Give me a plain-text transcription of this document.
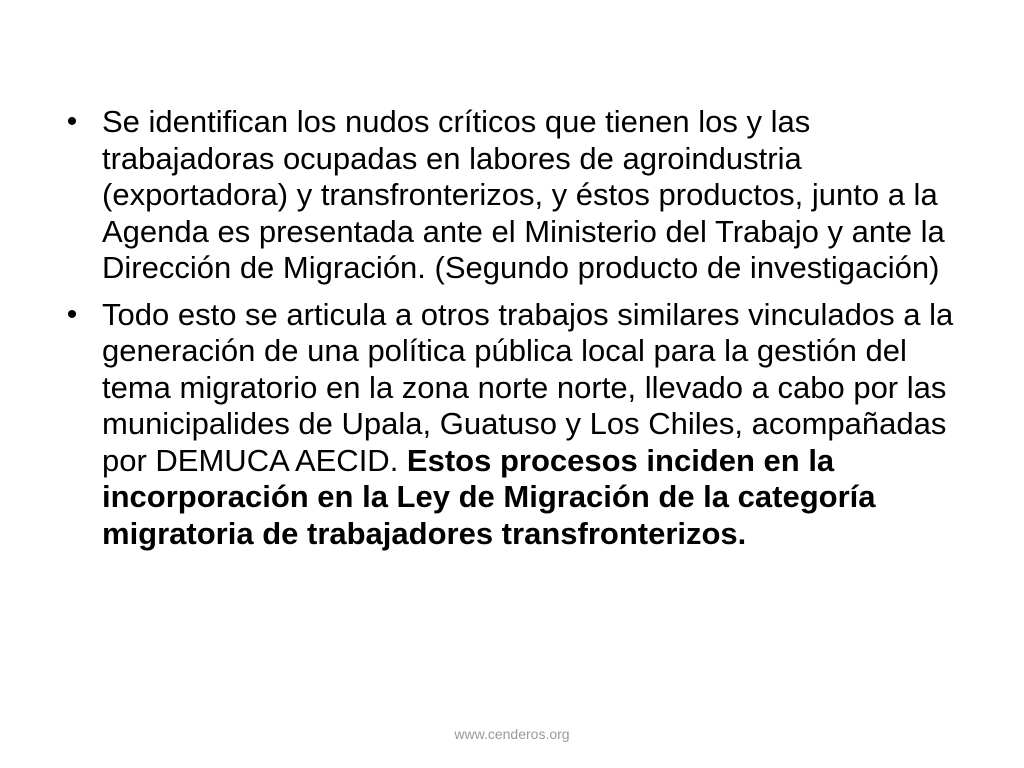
• Se identifican los nudos críticos que tienen los y las trabajadoras ocupadas en labores de agroindustria (exportadora) y transfronterizos, y éstos productos, junto a la Agenda es presentada ante el Ministerio del Trabajo y ante la Dirección de Migración. (Segundo producto de investigación)
• Todo esto se articula a otros trabajos similares vinculados a la generación de una política pública local para la gestión del tema migratorio en la zona norte norte, llevado a cabo por las municipalides de Upala, Guatuso y Los Chiles, acompañadas por DEMUCA AECID. Estos procesos inciden en la incorporación en la Ley de Migración de la categoría migratoria de trabajadores transfronterizos.
www.cenderos.org
